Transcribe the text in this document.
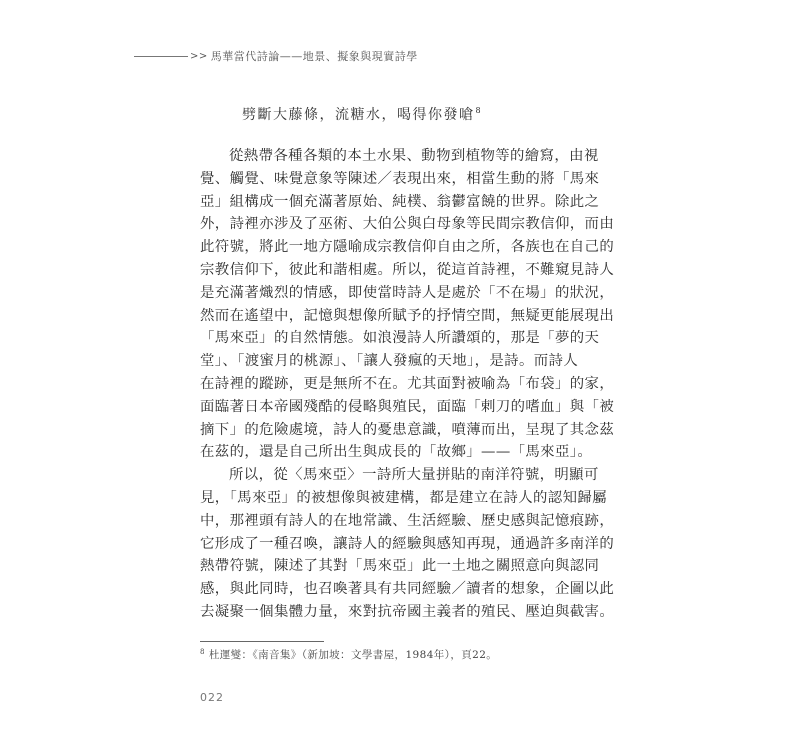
>> 馬華當代詩論——地景、擬象與現實詩學
劈斷大藤條，流糖水，喝得你發嗆$^8$
從熱帶各種各類的本土水果、動物到植物等的繪寫，由視
覺、觸覺、味覺意象等陳述／表現出來，相當生動的將「馬來
亞」組構成一個充滿著原始、純樸、翁鬱富饒的世界。除此之
外，詩裡亦涉及了巫術、大伯公與白母象等民間宗教信仰，而由
此符號，將此一地方隱喻成宗教信仰自由之所，各族也在自己的
宗教信仰下，彼此和諧相處。所以，從這首詩裡，不難窺見詩人
是充滿著熾烈的情感，即使當時詩人是處於「不在場」的狀況，
然而在遙望中，記憶與想像所賦予的抒情空間，無疑更能展現出
「馬來亞」的自然情態。如浪漫詩人所讚頌的，那是「夢的天
堂」、「渡蜜月的桃源」、「讓人發瘋的天地」，是詩。而詩人
在詩裡的蹤跡，更是無所不在。尤其面對被喻為「布袋」的家，
面臨著日本帝國殘酷的侵略與殖民，面臨「剌刀的嗜血」與「被
摘下」的危險處境，詩人的憂患意識，噴薄而出，呈現了其念茲
在茲的，還是自己所出生與成長的「故鄉」——「馬來亞」。
所以，從〈馬來亞〉一詩所大量拼貼的南洋符號，明顯可
見，「馬來亞」的被想像與被建構，都是建立在詩人的認知歸屬
中，那裡頭有詩人的在地常識、生活經驗、歷史感與記憶痕跡，
它形成了一種召喚，讓詩人的經驗與感知再現，通過許多南洋的
熱帶符號，陳述了其對「馬來亞」此一土地之關照意向與認同
感，與此同時，也召喚著具有共同經驗／讀者的想象，企圖以此
去凝聚一個集體力量，來對抗帝國主義者的殖民、壓迫與截害。
$^8$ 杜運燮：《南音集》（新加坡：文學書屋，1984年），頁22。
022
